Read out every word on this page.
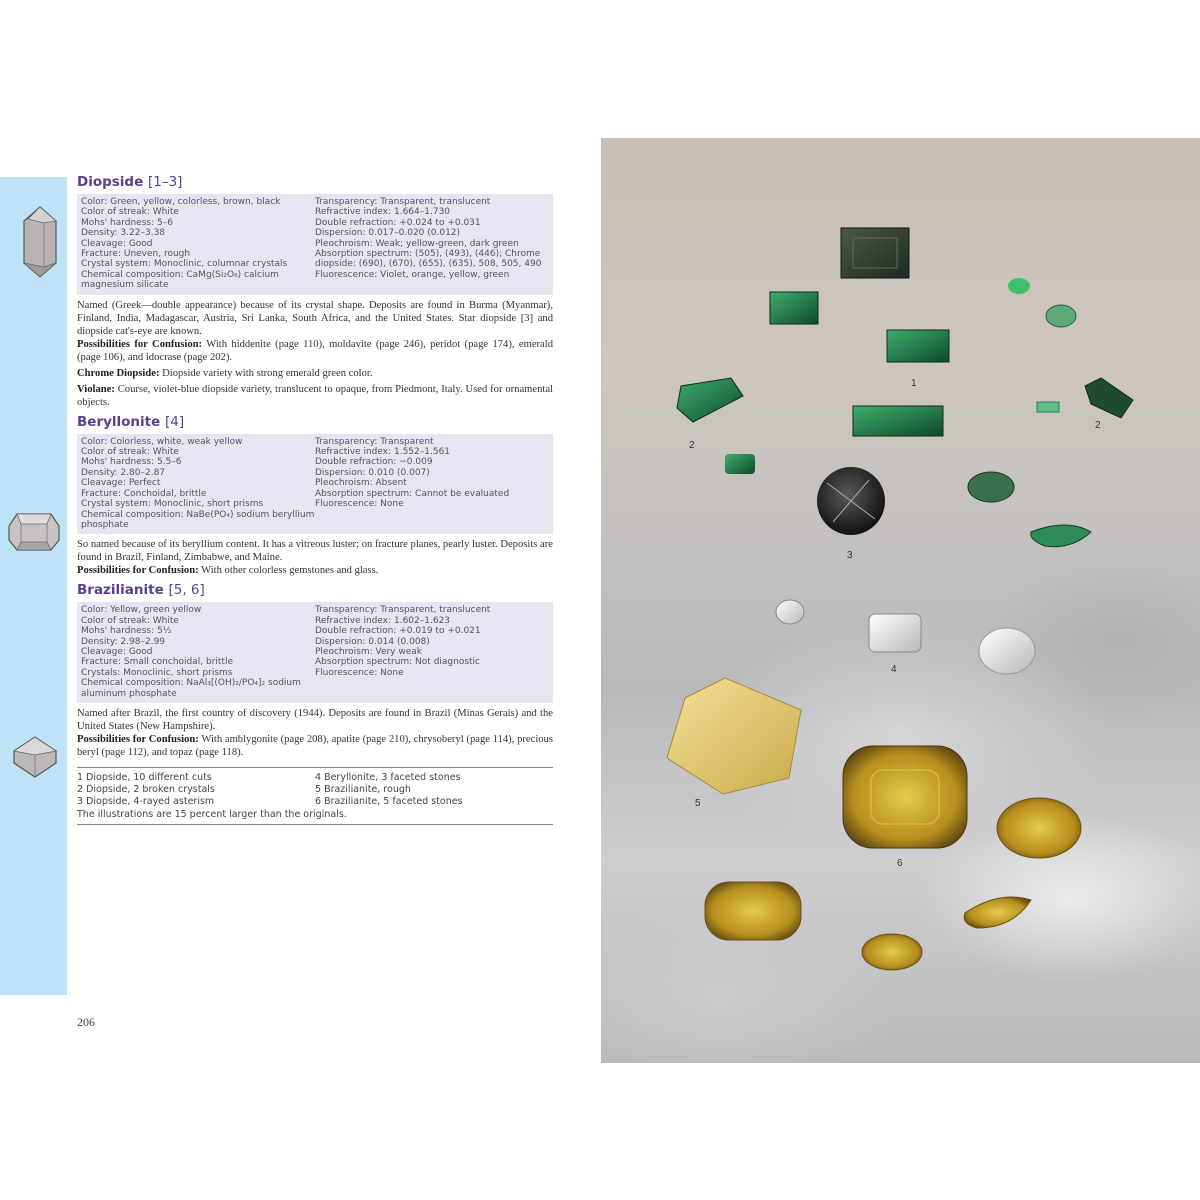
Diopside [1–3]
Color: Green, yellow, colorless, brown, black
Color of streak: White
Mohs' hardness: 5–6
Density: 3.22–3.38
Cleavage: Good
Fracture: Uneven, rough
Crystal system: Monoclinic, columnar crystals
Chemical composition: CaMg(Si₂O₆) calcium magnesium silicate
Transparency: Transparent, translucent
Refractive index: 1.664–1.730
Double refraction: +0.024 to +0.031
Dispersion: 0.017–0.020 (0.012)
Pleochroism: Weak; yellow-green, dark green
Absorption spectrum: (505), (493), (446); Chrome diopside: (690), (670), (655), (635), 508, 505, 490
Fluorescence: Violet, orange, yellow, green

Named (Greek—double appearance) because of its crystal shape. Deposits are found in Burma (Myanmar), Finland, India, Madagascar, Austria, Sri Lanka, South Africa, and the United States. Star diopside [3] and diopside cat's-eye are known.
Possibilities for Confusion: With hiddenite (page 110), moldavite (page 246), peridot (page 174), emerald (page 106), and idocrase (page 202).

Chrome Diopside: Diopside variety with strong emerald green color.

Violane: Course, violet-blue diopside variety, translucent to opaque, from Piedmont, Italy. Used for ornamental objects.

Beryllonite [4]
Color: Colorless, white, weak yellow
Color of streak: White
Mohs' hardness: 5.5–6
Density: 2.80–2.87
Cleavage: Perfect
Fracture: Conchoidal, brittle
Crystal system: Monoclinic, short prisms
Chemical composition: NaBe(PO₄) sodium beryllium phosphate
Transparency: Transparent
Refractive index: 1.552–1.561
Double refraction: −0.009
Dispersion: 0.010 (0.007)
Pleochroism: Absent
Absorption spectrum: Cannot be evaluated
Fluorescence: None

So named because of its beryllium content. It has a vitreous luster; on fracture planes, pearly luster. Deposits are found in Brazil, Finland, Zimbabwe, and Maine.
Possibilities for Confusion: With other colorless gemstones and glass.

Brazilianite [5, 6]
Color: Yellow, green yellow
Color of streak: White
Mohs' hardness: 5½
Density: 2.98–2.99
Cleavage: Good
Fracture: Small conchoidal, brittle
Crystals: Monoclinic, short prisms
Chemical composition: NaAl₃[(OH)₂/PO₄]₂ sodium aluminum phosphate
Transparency: Transparent, translucent
Refractive index: 1.602–1.623
Double refraction: +0.019 to +0.021
Dispersion: 0.014 (0.008)
Pleochroism: Very weak
Absorption spectrum: Not diagnostic
Fluorescence: None

Named after Brazil, the first country of discovery (1944). Deposits are found in Brazil (Minas Gerais) and the United States (New Hampshire).
Possibilities for Confusion: With amblygonite (page 208), apatite (page 210), chrysoberyl (page 114), precious beryl (page 112), and topaz (page 118).

1 Diopside, 10 different cuts
2 Diopside, 2 broken crystals
3 Diopside, 4-rayed asterism
4 Beryllonite, 3 faceted stones
5 Brazilianite, rough
6 Brazilianite, 5 faceted stones
The illustrations are 15 percent larger than the originals.
206
1
2
2
3
4
5
6
